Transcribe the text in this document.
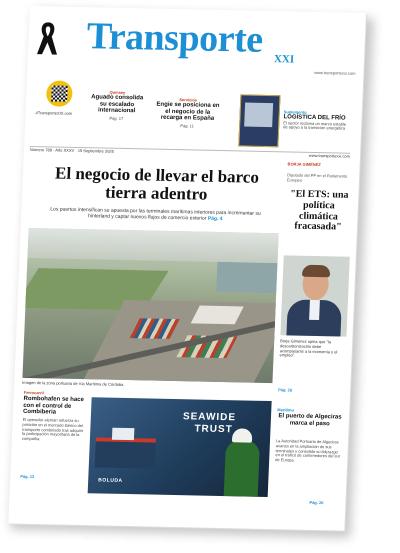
Transporte XXI
www.transportexxi.com
#TransporteXXI.com
Qomsey
Aguado consolida su escalado internacional
Pág. 17
Servicios
Engie se posiciona en el negocio de la recarga en España
Pág. 11
Suplemento
LOGÍSTICA DEL FRÍO
El sector reclama un marco estable de apoyo a la transición energética
Número 789 · Año XXXV · 15 Septiembre 2025
www.transportexxi.com
El negocio de llevar el barco tierra adentro
Los puertos intensifican su apuesta por las terminales marítimas interiores para incrementar su hinterland y captar nuevos flujos de comercio exterior Pág. 4
Imagen de la zona portuaria de Vía Marítima de Córdoba.
BORJA GIMÉNEZ
Diputado del PP en el Parlamento Europeo
"El ETS: una política climática fracasada"
Borja Giménez opina que "la descarbonización debe acompasarse a la economía y el empleo".
Pág. 26
Ferrocarril
Rombohafen se hace con el control de Combiberia
El operador alemán refuerza su posición en el mercado ibérico del transporte combinado tras adquirir la participación mayoritaria de la compañía.
Pág. 13
SEAWIDE
TRUST
BOLUDA
Marítimo
El puerto de Algeciras marca el paso
La Autoridad Portuaria de Algeciras avanza en la ampliación de sus terminales y consolida su liderazgo en el tráfico de contenedores del sur de Europa.
Pág. 20
